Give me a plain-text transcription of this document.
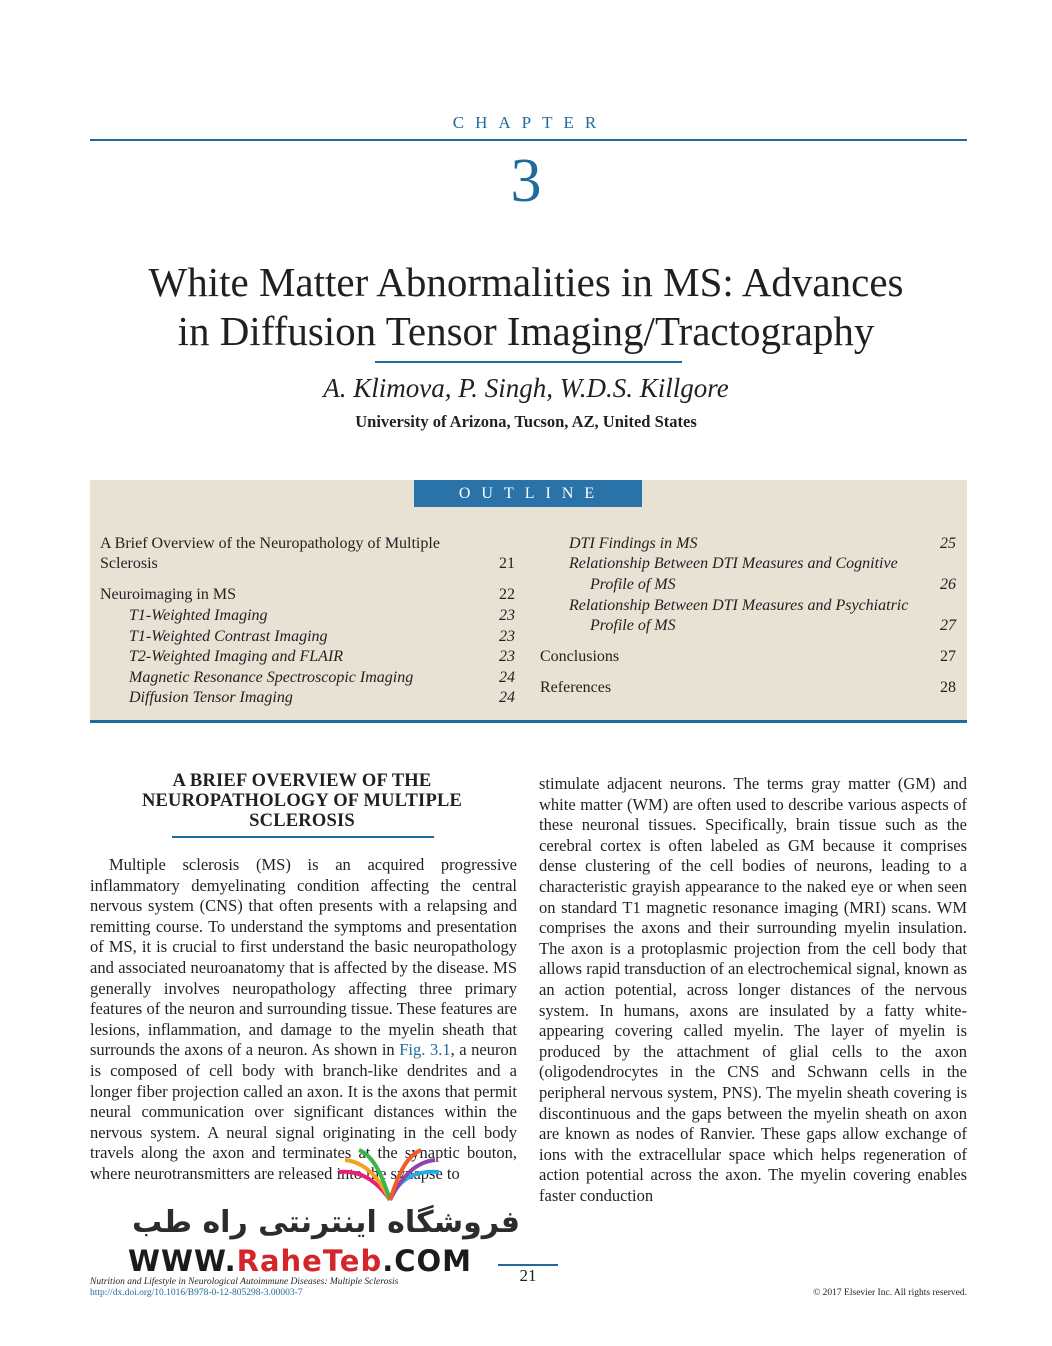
CHAPTER
3
White Matter Abnormalities in MS: Advances
in Diffusion Tensor Imaging/Tractography
A. Klimova, P. Singh, W.D.S. Killgore
University of Arizona, Tucson, AZ, United States
OUTLINE
A Brief Overview of the Neuropathology of Multiple
Sclerosis	21
Neuroimaging in MS	22
T1-Weighted Imaging	23
T1-Weighted Contrast Imaging	23
T2-Weighted Imaging and FLAIR	23
Magnetic Resonance Spectroscopic Imaging	24
Diffusion Tensor Imaging	24
DTI Findings in MS	25
Relationship Between DTI Measures and Cognitive
Profile of MS	26
Relationship Between DTI Measures and Psychiatric
Profile of MS	27
Conclusions	27
References	28
A BRIEF OVERVIEW OF THE
NEUROPATHOLOGY OF MULTIPLE
SCLEROSIS

Multiple sclerosis (MS) is an acquired progressive inflammatory demyelinating condition affecting the central nervous system (CNS) that often presents with a relapsing and remitting course. To understand the symptoms and presentation of MS, it is crucial to first understand the basic neuropathology and associated neuroanatomy that is affected by the disease. MS generally involves neuropathology affecting three primary features of the neuron and surrounding tissue. These features are lesions, inflammation, and damage to the myelin sheath that surrounds the axons of a neuron. As shown in Fig. 3.1, a neuron is composed of cell body with branch-like dendrites and a longer fiber projection called an axon. It is the axons that permit neural communication over significant distances within the nervous system. A neural signal originating in the cell body travels along the axon and terminates at the synaptic bouton, where neurotransmitters are released into the synapse to

stimulate adjacent neurons. The terms gray matter (GM) and white matter (WM) are often used to describe various aspects of these neuronal tissues. Specifically, brain tissue such as the cerebral cortex is often labeled as GM because it comprises dense clustering of the cell bodies of neurons, leading to a characteristic grayish appearance to the naked eye or when seen on standard T1 magnetic resonance imaging (MRI) scans. WM comprises the axons and their surrounding myelin insulation. The axon is a protoplasmic projection from the cell body that allows rapid transduction of an electrochemical signal, known as an action potential, across longer distances of the nervous system. In humans, axons are insulated by a fatty white-appearing covering called myelin. The layer of myelin is produced by the attachment of glial cells to the axon (oligodendrocytes in the CNS and Schwann cells in the peripheral nervous system, PNS). The myelin sheath covering is discontinuous and the gaps between the myelin sheath on axon are known as nodes of Ranvier. These gaps allow exchange of ions with the extracellular space which helps regeneration of action potential across the axon. The myelin covering enables faster conduction

فروشگاه اینترنتی راه طب
WWW.RaheTeb.COM	21
Nutrition and Lifestyle in Neurological Autoimmune Diseases: Multiple Sclerosis
http://dx.doi.org/10.1016/B978-0-12-805298-3.00003-7	© 2017 Elsevier Inc. All rights reserved.
